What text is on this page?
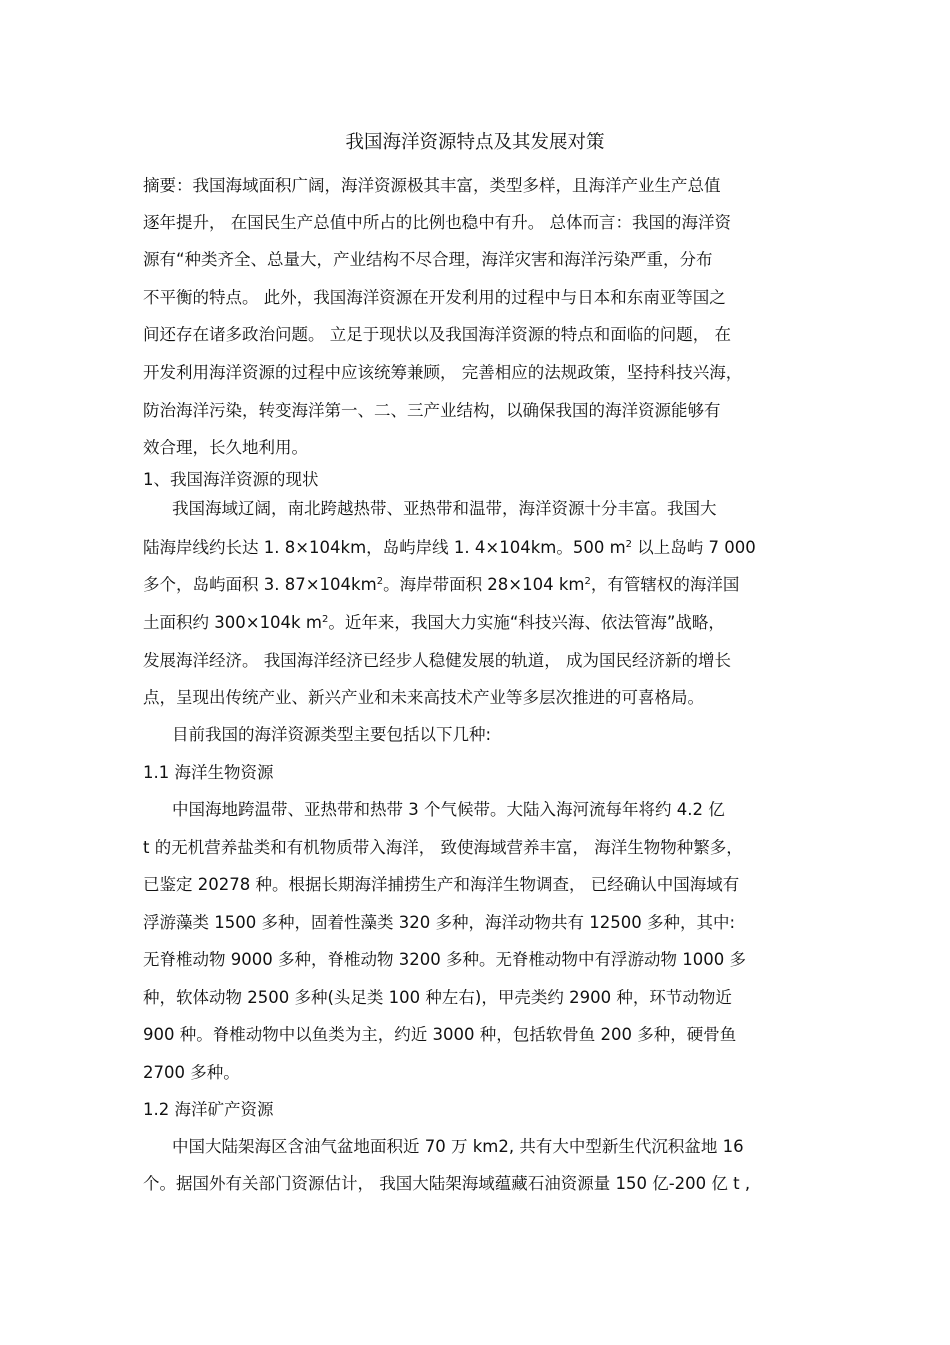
我国海洋资源特点及其发展对策

摘要：我国海域面积广阔，海洋资源极其丰富，类型多样，且海洋产业生产总值

逐年提升， 在国民生产总值中所占的比例也稳中有升。 总体而言：我国的海洋资

源有“种类齐全、总量大，产业结构不尽合理，海洋灾害和海洋污染严重，分布

不平衡的特点。 此外，我国海洋资源在开发利用的过程中与日本和东南亚等国之

间还存在诸多政治问题。 立足于现状以及我国海洋资源的特点和面临的问题， 在

开发利用海洋资源的过程中应该统筹兼顾， 完善相应的法规政策，坚持科技兴海，

防治海洋污染，转变海洋第一、二、三产业结构，以确保我国的海洋资源能够有

效合理，长久地利用。

1、我国海洋资源的现状

我国海域辽阔，南北跨越热带、亚热带和温带，海洋资源十分丰富。我国大

陆海岸线约长达 1. 8×104km，岛屿岸线 1. 4×104km。500 $m^2$ 以上岛屿 7 000

多个，岛屿面积 3. $87\times 104km^2$。海岸带面积 28×104 $km^2$，有管辖权的海洋国

土面积约 300×104k $m^2$。近年来，我国大力实施“科技兴海、依法管海”战略，

发展海洋经济。 我国海洋经济已经步人稳健发展的轨道， 成为国民经济新的增长

点，呈现出传统产业、新兴产业和未来高技术产业等多层次推进的可喜格局。

目前我国的海洋资源类型主要包括以下几种:

1.1 海洋生物资源

中国海地跨温带、亚热带和热带 3 个气候带。大陆入海河流每年将约 4.2 亿

t 的无机营养盐类和有机物质带入海洋， 致使海域营养丰富， 海洋生物物种繁多，

已鉴定 20278 种。根据长期海洋捕捞生产和海洋生物调查， 已经确认中国海域有

浮游藻类 1500 多种，固着性藻类 320 多种，海洋动物共有 12500 多种，其中:

无脊椎动物 9000 多种，脊椎动物 3200 多种。无脊椎动物中有浮游动物 1000 多

种，软体动物 2500 多种(头足类 100 种左右)，甲壳类约 2900 种，环节动物近

900 种。脊椎动物中以鱼类为主，约近 3000 种，包括软骨鱼 200 多种，硬骨鱼

2700 多种。

1.2 海洋矿产资源

中国大陆架海区含油气盆地面积近 70 万 km2, 共有大中型新生代沉积盆地 16

个。据国外有关部门资源估计， 我国大陆架海域蕴藏石油资源量 150 亿-200 亿 t ,
